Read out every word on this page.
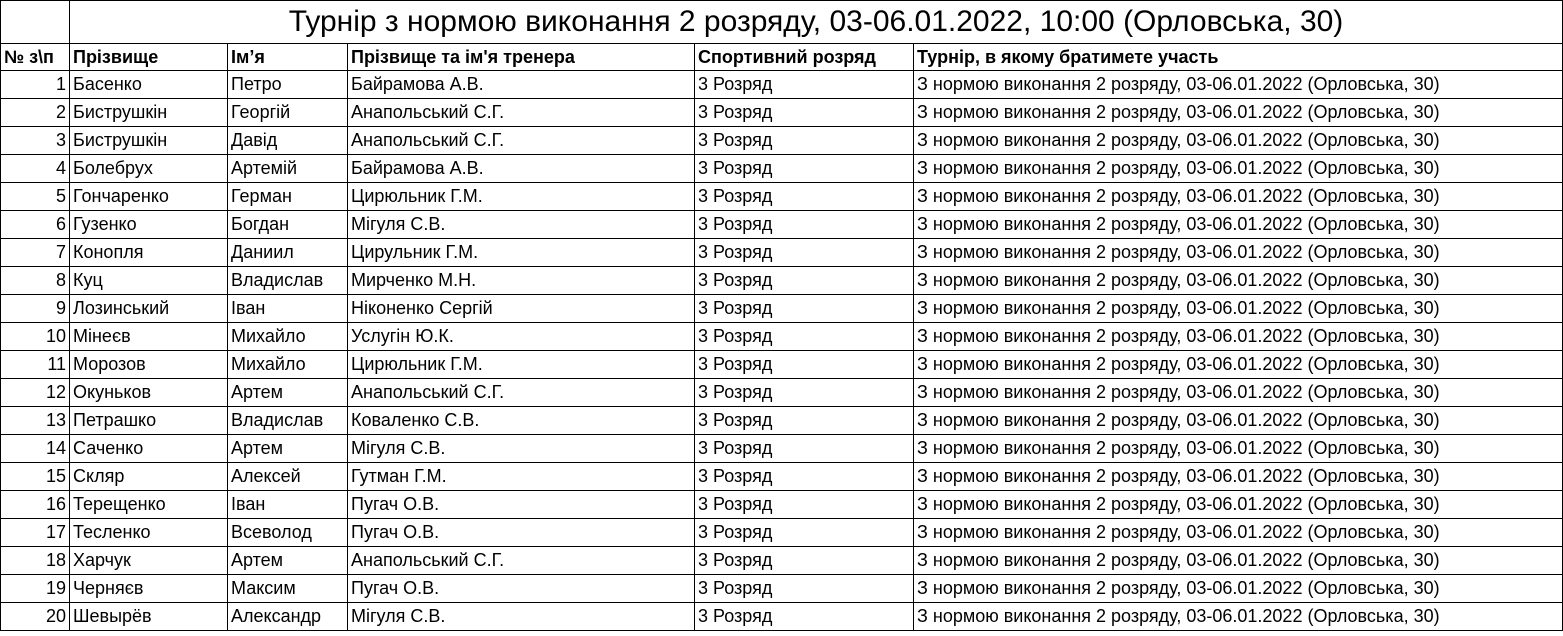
	Турнір з нормою виконання 2 розряду, 03-06.01.2022, 10:00 (Орловська, 30)				
№ з\п	Прізвище	Ім’я	Прізвище та ім'я тренера	Спортивний розряд	Турнір, в якому братимете участь
1	Басенко	Петро	Байрамова А.В.	3 Розряд	З нормою виконання 2 розряду, 03-06.01.2022 (Орловська, 30)
2	Биструшкін	Георгій	Анапольський С.Г.	3 Розряд	З нормою виконання 2 розряду, 03-06.01.2022 (Орловська, 30)
3	Биструшкін	Давід	Анапольський С.Г.	3 Розряд	З нормою виконання 2 розряду, 03-06.01.2022 (Орловська, 30)
4	Болебрух	Артемій	Байрамова А.В.	3 Розряд	З нормою виконання 2 розряду, 03-06.01.2022 (Орловська, 30)
5	Гончаренко	Герман	Цирюльник Г.М.	3 Розряд	З нормою виконання 2 розряду, 03-06.01.2022 (Орловська, 30)
6	Гузенко	Богдан	Мігуля С.В.	3 Розряд	З нормою виконання 2 розряду, 03-06.01.2022 (Орловська, 30)
7	Конопля	Даниил	Цирульник Г.М.	3 Розряд	З нормою виконання 2 розряду, 03-06.01.2022 (Орловська, 30)
8	Куц	Владислав	Мирченко М.Н.	3 Розряд	З нормою виконання 2 розряду, 03-06.01.2022 (Орловська, 30)
9	Лозинський	Іван	Ніконенко Сергій	3 Розряд	З нормою виконання 2 розряду, 03-06.01.2022 (Орловська, 30)
10	Мінеєв	Михайло	Услугін Ю.К.	3 Розряд	З нормою виконання 2 розряду, 03-06.01.2022 (Орловська, 30)
11	Морозов	Михайло	Цирюльник Г.М.	3 Розряд	З нормою виконання 2 розряду, 03-06.01.2022 (Орловська, 30)
12	Окуньков	Артем	Анапольський С.Г.	3 Розряд	З нормою виконання 2 розряду, 03-06.01.2022 (Орловська, 30)
13	Петрашко	Владислав	Коваленко С.В.	3 Розряд	З нормою виконання 2 розряду, 03-06.01.2022 (Орловська, 30)
14	Саченко	Артем	Мігуля С.В.	3 Розряд	З нормою виконання 2 розряду, 03-06.01.2022 (Орловська, 30)
15	Скляр	Алексей	Гутман Г.М.	3 Розряд	З нормою виконання 2 розряду, 03-06.01.2022 (Орловська, 30)
16	Терещенко	Іван	Пугач О.В.	3 Розряд	З нормою виконання 2 розряду, 03-06.01.2022 (Орловська, 30)
17	Тесленко	Всеволод	Пугач О.В.	3 Розряд	З нормою виконання 2 розряду, 03-06.01.2022 (Орловська, 30)
18	Харчук	Артем	Анапольський С.Г.	3 Розряд	З нормою виконання 2 розряду, 03-06.01.2022 (Орловська, 30)
19	Черняєв	Максим	Пугач О.В.	3 Розряд	З нормою виконання 2 розряду, 03-06.01.2022 (Орловська, 30)
20	Шевырёв	Александр	Мігуля С.В.	3 Розряд	З нормою виконання 2 розряду, 03-06.01.2022 (Орловська, 30)
